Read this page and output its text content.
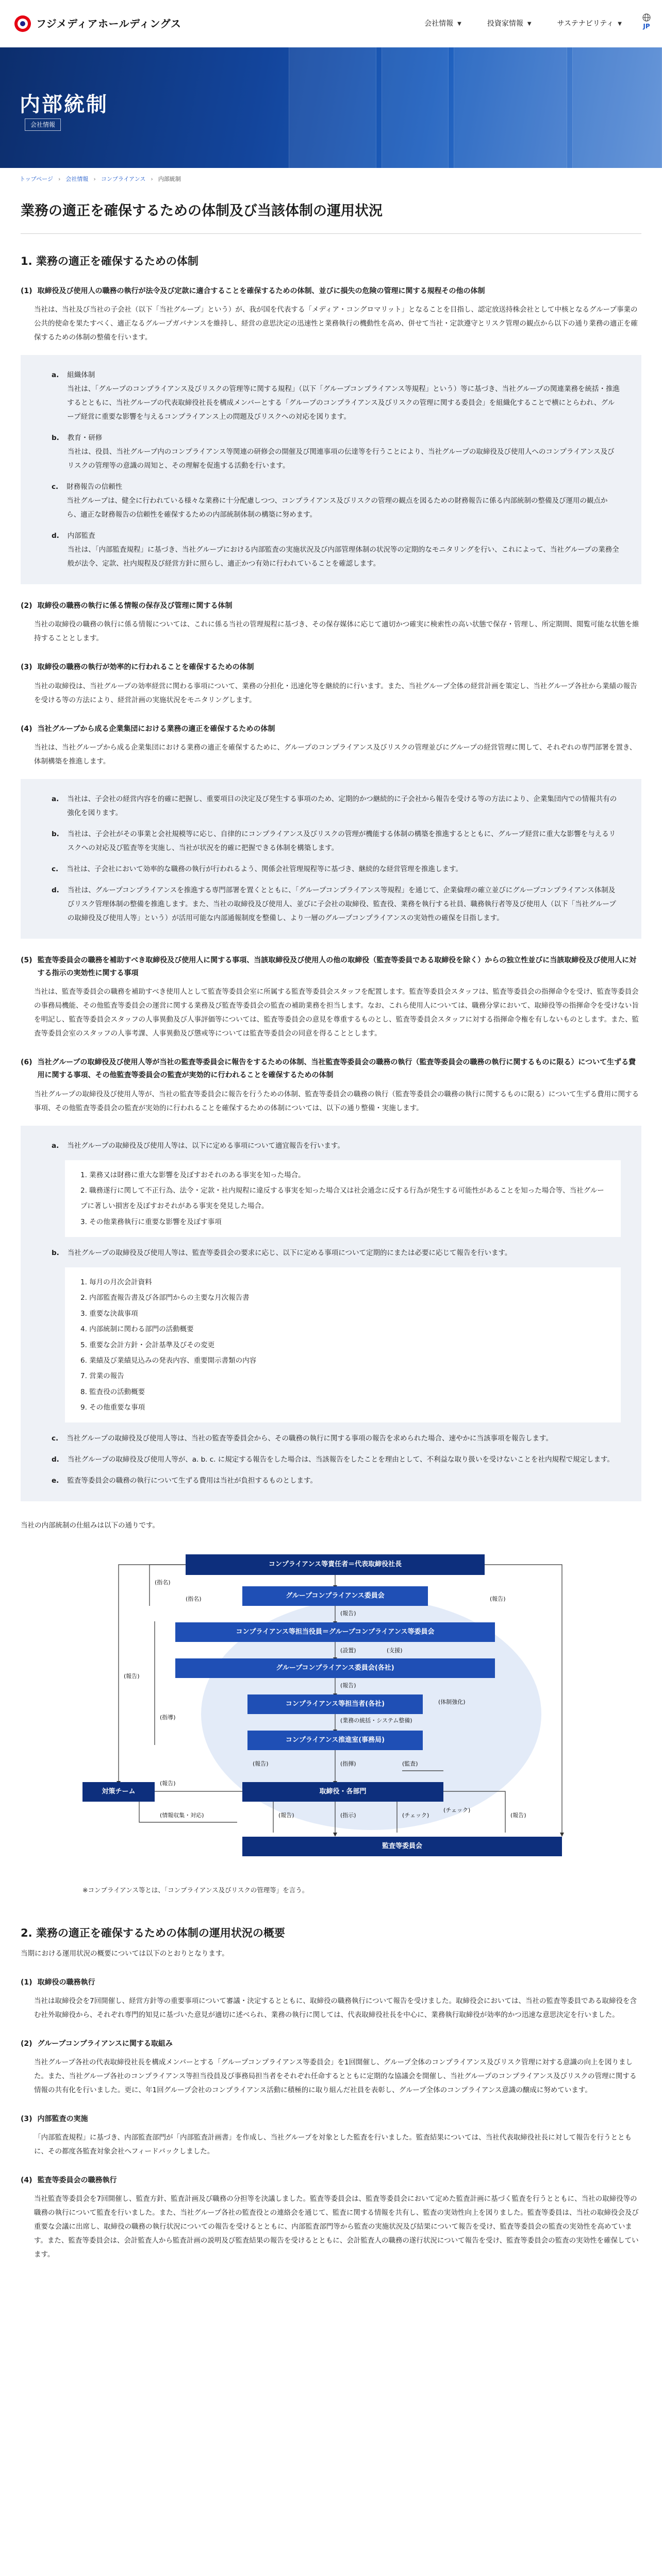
内部統制
会社情報
フジメディアホールディングス	会社情報 ▼	投資家情報 ▼	サステナビリティ ▼	JP
トップページ › 会社情報 › コンプライアンス › 内部統制
業務の適正を確保するための体制及び当該体制の運用状況
1. 業務の適正を確保するための体制
(1) 取締役及び使用人の職務の執行が法令及び定款に適合することを確保するための体制、並びに損失の危険の管理に関する規程その他の体制

当社は、当社及び当社の子会社（以下「当社グループ」という）が、我が国を代表する「メディア・コングロマリット」となることを目指し、認定放送持株会社として中核となるグループ事業の公共的使命を果たすべく、適正なるグループガバナンスを維持し、経営の意思決定の迅速性と業務執行の機動性を高め、併せて当社・定款遵守とリスク管理の観点から以下の通り業務の適正を確保するための体制の整備を行います。

a. 組織体制
当社は、「グループのコンプライアンス及びリスクの管理等に関する規程」（以下「グループコンプライアンス等規程」という）等に基づき、当社グループの関連業務を統括・推進するとともに、当社グループの代表取締役社長を構成メンバーとする「グループのコンプライアンス及びリスクの管理に関する委員会」を組織化することで横にとらわれ、グループ経営に重要な影響を与えるコンプライアンス上の問題及びリスクへの対応を図ります。
b. 教育・研修
当社は、役員、当社グループ内のコンプライアンス等関連の研修会の開催及び関連事項の伝達等を行うことにより、当社グループの取締役及び使用人へのコンプライアンス及びリスクの管理等の意識の周知と、その理解を促進する活動を行います。
c. 財務報告の信頼性
当社グループは、健全に行われている様々な業務に十分配慮しつつ、コンプライアンス及びリスクの管理の観点を図るための財務報告に係る内部統制の整備及び運用の観点から、適正な財務報告の信頼性を確保するための内部統制体制の構築に努めます。
d. 内部監査
当社は、「内部監査規程」に基づき、当社グループにおける内部監査の実施状況及び内部管理体制の状況等の定期的なモニタリングを行い、これによって、当社グループの業務全般が法令、定款、社内規程及び経営方針に照らし、適正かつ有効に行われていることを確認します。
(2) 取締役の職務の執行に係る情報の保存及び管理に関する体制

当社の取締役の職務の執行に係る情報については、これに係る当社の管理規程に基づき、その保存媒体に応じて適切かつ確実に検索性の高い状態で保存・管理し、所定期間、閲覧可能な状態を維持することとします。

(3) 取締役の職務の執行が効率的に行われることを確保するための体制

当社の取締役は、当社グループの効率経営に関わる事項について、業務の分担化・迅速化等を継続的に行います。また、当社グループ全体の経営計画を策定し、当社グループ各社から業績の報告を受ける等の方法により、経営計画の実施状況をモニタリングします。

(4) 当社グループから成る企業集団における業務の適正を確保するための体制

当社は、当社グループから成る企業集団における業務の適正を確保するために、グループのコンプライアンス及びリスクの管理並びにグループの経営管理に関して、それぞれの専門部署を置き、体制構築を推進します。

a. 当社は、子会社の経営内容を的確に把握し、重要項目の決定及び発生する事項のため、定期的かつ継続的に子会社から報告を受ける等の方法により、企業集団内での情報共有の強化を図ります。
b. 当社は、子会社がその事業と会社規模等に応じ、自律的にコンプライアンス及びリスクの管理が機能する体制の構築を推進するとともに、グループ経営に重大な影響を与えるリスクへの対応及び監査等を実施し、当社が状況を的確に把握できる体制を構築します。
c. 当社は、子会社において効率的な職務の執行が行われるよう、関係会社管理規程等に基づき、継続的な経営管理を推進します。
d. 当社は、グループコンプライアンスを推進する専門部署を置くとともに、「グループコンプライアンス等規程」を通じて、企業倫理の確立並びにグループコンプライアンス体制及びリスク管理体制の整備を推進します。また、当社の取締役及び使用人、並びに子会社の取締役、監査役、業務を執行する社員、職務執行者等及び使用人（以下「当社グループの取締役及び使用人等」という）が活用可能な内部通報制度を整備し、より一層のグループコンプライアンスの実効性の確保を目指します。
(5) 監査等委員会の職務を補助すべき取締役及び使用人に関する事項、当該取締役及び使用人の他の取締役（監査等委員である取締役を除く）からの独立性並びに当該取締役及び使用人に対する指示の実効性に関する事項

当社は、監査等委員会の職務を補助すべき使用人として監査等委員会室に所属する監査等委員会スタッフを配置します。監査等委員会スタッフは、監査等委員会の指揮命令を受け、監査等委員会の事務局機能、その他監査等委員会の運営に関する業務及び監査等委員会の監査の補助業務を担当します。なお、これら使用人については、職務分掌において、取締役等の指揮命令を受けない旨を明記し、監査等委員会スタッフの人事異動及び人事評価等については、監査等委員会の意見を尊重するものとし、監査等委員会スタッフに対する指揮命令権を有しないものとします。また、監査等委員会室のスタッフの人事考課、人事異動及び懲戒等については監査等委員会の同意を得ることとします。

(6) 当社グループの取締役及び使用人等が当社の監査等委員会に報告をするための体制、当社監査等委員会の職務の執行（監査等委員会の職務の執行に関するものに限る）について生ずる費用に関する事項、その他監査等委員会の監査が実効的に行われることを確保するための体制

当社グループの取締役及び使用人等が、当社の監査等委員会に報告を行うための体制、監査等委員会の職務の執行（監査等委員会の職務の執行に関するものに限る）について生ずる費用に関する事項、その他監査等委員会の監査が実効的に行われることを確保するための体制については、以下の通り整備・実施します。

a. 当社グループの取締役及び使用人等は、以下に定める事項について適宜報告を行います。
1. 業務又は財務に重大な影響を及ぼすおそれのある事実を知った場合。
2. 職務遂行に関して不正行為、法令・定款・社内規程に違反する事実を知った場合又は社会通念に反する行為が発生する可能性があることを知った場合等、当社グループに著しい損害を及ぼすおそれがある事実を発見した場合。
3. その他業務執行に重要な影響を及ぼす事項
b. 当社グループの取締役及び使用人等は、監査等委員会の要求に応じ、以下に定める事項について定期的にまたは必要に応じて報告を行います。
1. 毎月の月次会計資料
2. 内部監査報告書及び各部門からの主要な月次報告書
3. 重要な決裁事項
4. 内部統制に関わる部門の活動概要
5. 重要な会計方針・会計基準及びその変更
6. 業績及び業績見込みの発表内容、重要開示書類の内容
7. 営業の報告
8. 監査役の活動概要
9. その他重要な事項
c. 当社グループの取締役及び使用人等は、当社の監査等委員会から、その職務の執行に関する事項の報告を求められた場合、速やかに当該事項を報告します。
d. 当社グループの取締役及び使用人等が、a. b. c. に規定する報告をした場合は、当該報告をしたことを理由として、不利益な取り扱いを受けないことを社内規程で規定します。
e. 監査等委員会の職務の執行について生ずる費用は当社が負担するものとします。

当社の内部統制の仕組みは以下の通りです。

コンプライアンス等責任者＝代表取締役社長
グループコンプライアンス委員会
コンプライアンス等担当役員＝グループコンプライアンス等委員会
グループコンプライアンス委員会(各社)
コンプライアンス等担当者(各社)
コンプライアンス推進室(事務局)
対策チーム	取締役・各部門
監査等委員会
(指名)
(指名)
(報告)
(指導)
(報告)
(報告)
(支援)
(設置)
(報告)
(体制強化)
(業務の統括・システム整備)
(報告)	(指揮)	(監査)
(チェック)
(報告)	(チェック)
(指示)	(報告)
(情報収集・対応)
(報告)

※コンプライアンス等とは、「コンプライアンス及びリスクの管理等」を言う。

2. 業務の適正を確保するための体制の運用状況の概要

当期における運用状況の概要については以下のとおりとなります。

(1) 取締役の職務執行

当社は取締役会を7回開催し、経営方針等の重要事項について審議・決定するとともに、取締役の職務執行について報告を受けました。取締役会においては、当社の監査等委員である取締役を含む社外取締役から、それぞれ専門的知見に基づいた意見が適切に述べられ、業務の執行に関しては、代表取締役社長を中心に、業務執行取締役が効率的かつ迅速な意思決定を行いました。

(2) グループコンプライアンスに関する取組み

当社グループ各社の代表取締役社長を構成メンバーとする「グループコンプライアンス等委員会」を1回開催し、グループ全体のコンプライアンス及びリスク管理に対する意識の向上を図りました。また、当社グループ各社のコンプライアンス等担当役員及び事務局担当者をそれぞれ任命するとともに定期的な協議会を開催し、当社グループのコンプライアンス及びリスクの管理に関する情報の共有化を行いました。更に、年1回グループ会社のコンプライアンス活動に積極的に取り組んだ社員を表彰し、グループ全体のコンプライアンス意識の醸成に努めています。

(3) 内部監査の実施

「内部監査規程」に基づき、内部監査部門が「内部監査計画書」を作成し、当社グループを対象とした監査を行いました。監査結果については、当社代表取締役社長に対して報告を行うとともに、その都度各監査対象会社へフィードバックしました。

(4) 監査等委員会の職務執行

当社監査等委員会を7回開催し、監査方針、監査計画及び職務の分担等を決議しました。監査等委員会は、監査等委員会において定めた監査計画に基づく監査を行うとともに、当社の取締役等の職務の執行について監査を行いました。また、当社グループ各社の監査役との連絡会を通じて、監査に関する情報を共有し、監査の実効性向上を図りました。監査等委員は、当社の取締役会及び重要な会議に出席し、取締役の職務の執行状況についての報告を受けるとともに、内部監査部門等から監査の実施状況及び結果について報告を受け、監査等委員会の監査の実効性を高めています。また、監査等委員会は、会計監査人から監査計画の説明及び監査結果の報告を受けるとともに、会計監査人の職務の遂行状況について報告を受け、監査等委員会の監査の実効性を確保しています。
